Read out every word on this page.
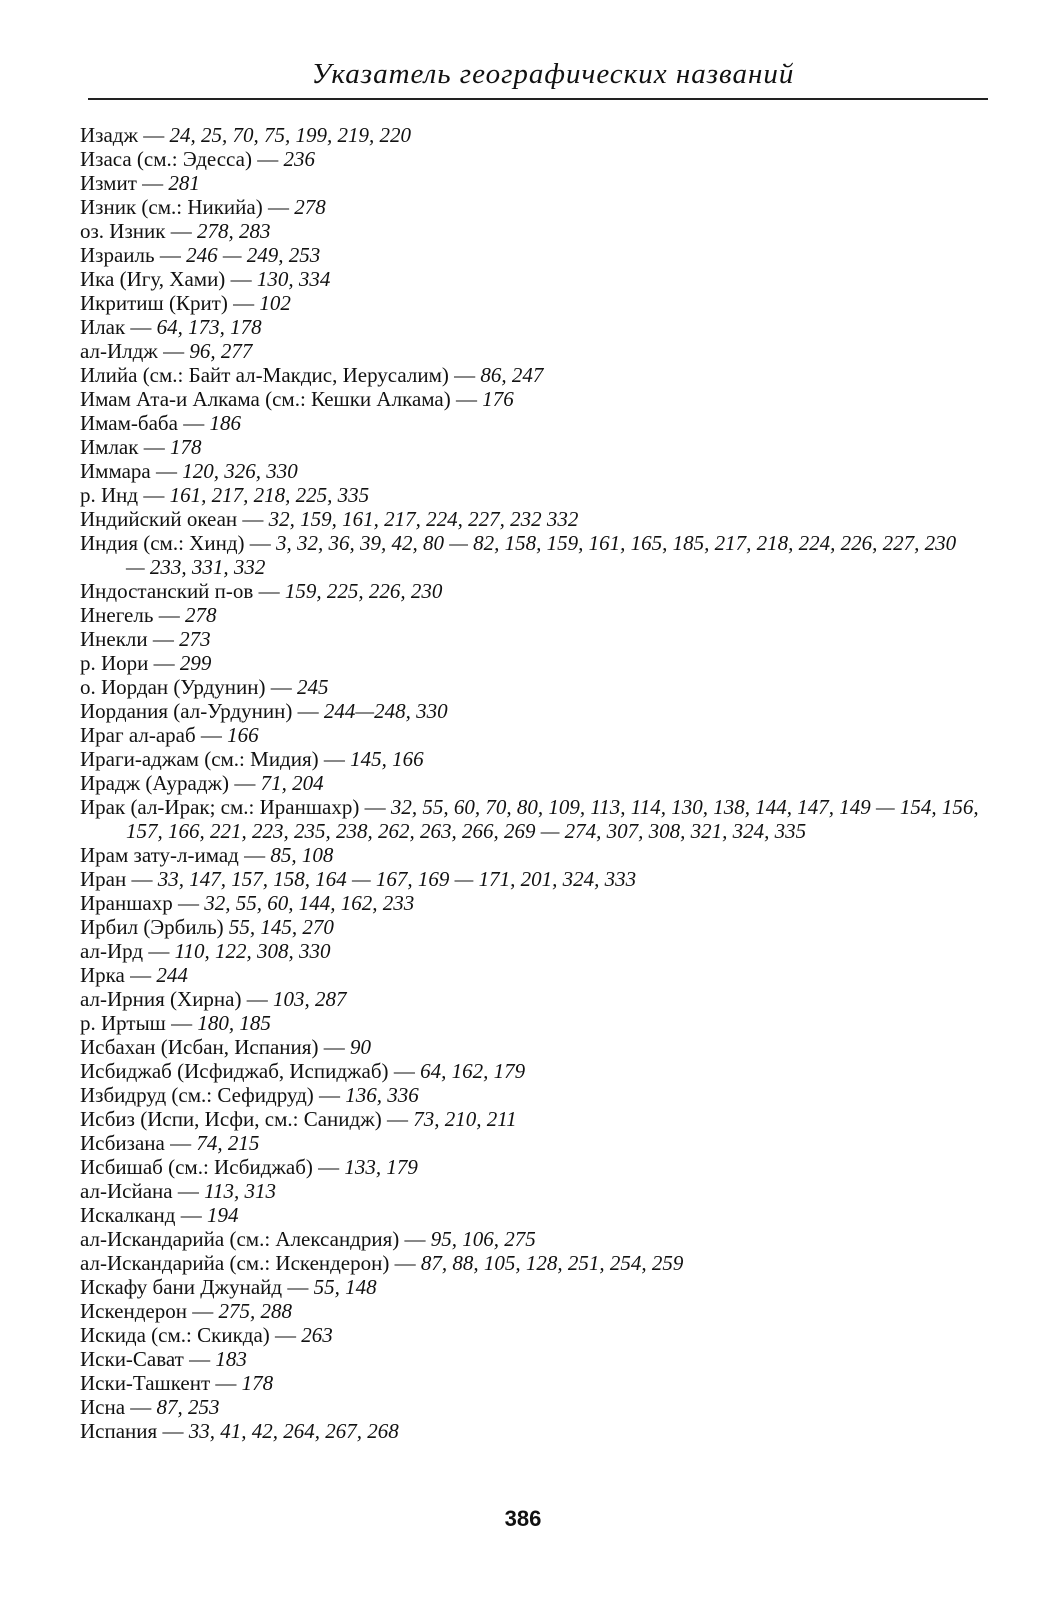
Указатель географических названий
Изадж — 24, 25, 70, 75, 199, 219, 220
Изаса (см.: Эдесса) — 236
Измит — 281
Изник (см.: Никийа) — 278
оз. Изник — 278, 283
Израиль — 246 — 249, 253
Ика (Игу, Хами) — 130, 334
Икритиш (Крит) — 102
Илак — 64, 173, 178
ал-Илдж — 96, 277
Илийа (см.: Байт ал-Макдис, Иерусалим) — 86, 247
Имам Ата-и Алкама (см.: Кешки Алкама) — 176
Имам-баба — 186
Имлак — 178
Иммара — 120, 326, 330
р. Инд — 161, 217, 218, 225, 335
Индийский океан — 32, 159, 161, 217, 224, 227, 232 332
Индия (см.: Хинд) — 3, 32, 36, 39, 42, 80 — 82, 158, 159, 161, 165, 185, 217, 218, 224, 226, 227, 230 — 233, 331, 332
Индостанский п-ов — 159, 225, 226, 230
Инегель — 278
Инекли — 273
р. Иори — 299
о. Иордан (Урдунин) — 245
Иордания (ал-Урдунин) — 244—248, 330
Ираг ал-араб — 166
Ираги-аджам (см.: Мидия) — 145, 166
Ирадж (Аурадж) — 71, 204
Ирак (ал-Ирак; см.: Ираншахр) — 32, 55, 60, 70, 80, 109, 113, 114, 130, 138, 144, 147, 149 — 154, 156, 157, 166, 221, 223, 235, 238, 262, 263, 266, 269 — 274, 307, 308, 321, 324, 335
Ирам зату-л-имад — 85, 108
Иран — 33, 147, 157, 158, 164 — 167, 169 — 171, 201, 324, 333
Ираншахр — 32, 55, 60, 144, 162, 233
Ирбил (Эрбиль) 55, 145, 270
ал-Ирд — 110, 122, 308, 330
Ирка — 244
ал-Ирния (Хирна) — 103, 287
р. Иртыш — 180, 185
Исбахан (Исбан, Испания) — 90
Исбиджаб (Исфиджаб, Испиджаб) — 64, 162, 179
Избидруд (см.: Сефидруд) — 136, 336
Исбиз (Испи, Исфи, см.: Санидж) — 73, 210, 211
Исбизана — 74, 215
Исбишаб (см.: Исбиджаб) — 133, 179
ал-Исйана — 113, 313
Искалканд — 194
ал-Искандарийа (см.: Александрия) — 95, 106, 275
ал-Искандарийа (см.: Искендерон) — 87, 88, 105, 128, 251, 254, 259
Искафу бани Джунайд — 55, 148
Искендерон — 275, 288
Искида (см.: Скикда) — 263
Иски-Сават — 183
Иски-Ташкент — 178
Исна — 87, 253
Испания — 33, 41, 42, 264, 267, 268
386
